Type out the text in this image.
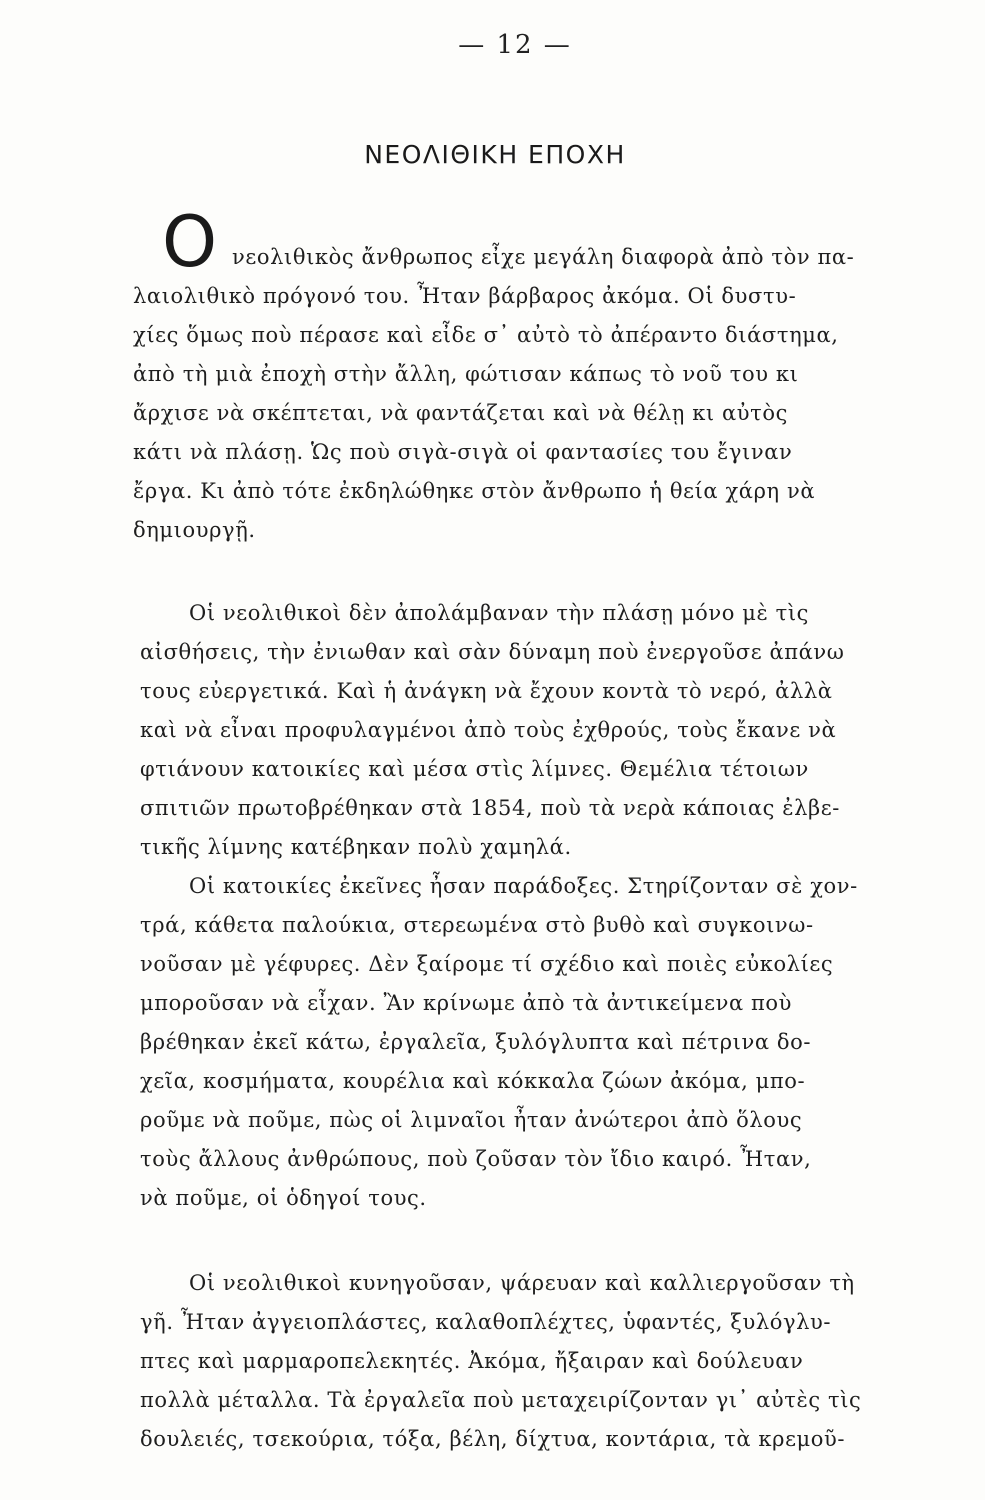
— 12 —
ΝΕΟΛΙΘΙΚΗ ΕΠΟΧΗ
Ο νεολιθικὸς ἄνθρωπος εἶχε μεγάλη διαφορὰ ἀπὸ τὸν πα-
λαιολιθικὸ πρόγονό του. Ἦταν βάρβαρος ἀκόμα. Οἱ δυστυ-
χίες ὅμως ποὺ πέρασε καὶ εἶδε σ᾽ αὐτὸ τὸ ἀπέραντο διάστημα,
ἀπὸ τὴ μιὰ ἐποχὴ στὴν ἄλλη, φώτισαν κάπως τὸ νοῦ του κι
ἄρχισε νὰ σκέπτεται, νὰ φαντάζεται καὶ νὰ θέλῃ κι αὐτὸς
κάτι νὰ πλάσῃ. Ὡς ποὺ σιγὰ-σιγὰ οἱ φαντασίες του ἔγιναν
ἔργα. Κι ἀπὸ τότε ἐκδηλώθηκε στὸν ἄνθρωπο ἡ θεία χάρη νὰ
δημιουργῇ.
Οἱ νεολιθικοὶ δὲν ἀπολάμβαναν τὴν πλάσῃ μόνο μὲ τὶς
αἰσθήσεις, τὴν ἐνιωθαν καὶ σὰν δύναμη ποὺ ἐνεργοῦσε ἀπάνω
τους εὐεργετικά. Καὶ ἡ ἀνάγκη νὰ ἔχουν κοντὰ τὸ νερό, ἀλλὰ
καὶ νὰ εἶναι προφυλαγμένοι ἀπὸ τοὺς ἐχθρούς, τοὺς ἔκανε νὰ
φτιάνουν κατοικίες καὶ μέσα στὶς λίμνες. Θεμέλια τέτοιων
σπιτιῶν πρωτοβρέθηκαν στὰ 1854, ποὺ τὰ νερὰ κάποιας ἐλβε-
τικῆς λίμνης κατέβηκαν πολὺ χαμηλά.
Οἱ κατοικίες ἐκεῖνες ἦσαν παράδοξες. Στηρίζονταν σὲ χον-
τρά, κάθετα παλούκια, στερεωμένα στὸ βυθὸ καὶ συγκοινω-
νοῦσαν μὲ γέφυρες. Δὲν ξαίρομε τί σχέδιο καὶ ποιὲς εὐκολίες
μποροῦσαν νὰ εἶχαν. Ἂν κρίνωμε ἀπὸ τὰ ἀντικείμενα ποὺ
βρέθηκαν ἐκεῖ κάτω, ἐργαλεῖα, ξυλόγλυπτα καὶ πέτρινα δο-
χεῖα, κοσμήματα, κουρέλια καὶ κόκκαλα ζώων ἀκόμα, μπο-
ροῦμε νὰ ποῦμε, πὼς οἱ λιμναῖοι ἦταν ἀνώτεροι ἀπὸ ὅλους
τοὺς ἄλλους ἀνθρώπους, ποὺ ζοῦσαν τὸν ἴδιο καιρό. Ἦταν,
νὰ ποῦμε, οἱ ὁδηγοί τους.
Οἱ νεολιθικοὶ κυνηγοῦσαν, ψάρευαν καὶ καλλιεργοῦσαν τὴ
γῆ. Ἦταν ἀγγειοπλάστες, καλαθοπλέχτες, ὑφαντές, ξυλόγλυ-
πτες καὶ μαρμαροπελεκητές. Ἀκόμα, ἤξαιραν καὶ δούλευαν
πολλὰ μέταλλα. Τὰ ἐργαλεῖα ποὺ μεταχειρίζονταν γι᾽ αὐτὲς τὶς
δουλειές, τσεκούρια, τόξα, βέλη, δίχτυα, κοντάρια, τὰ κρεμοῦ-
